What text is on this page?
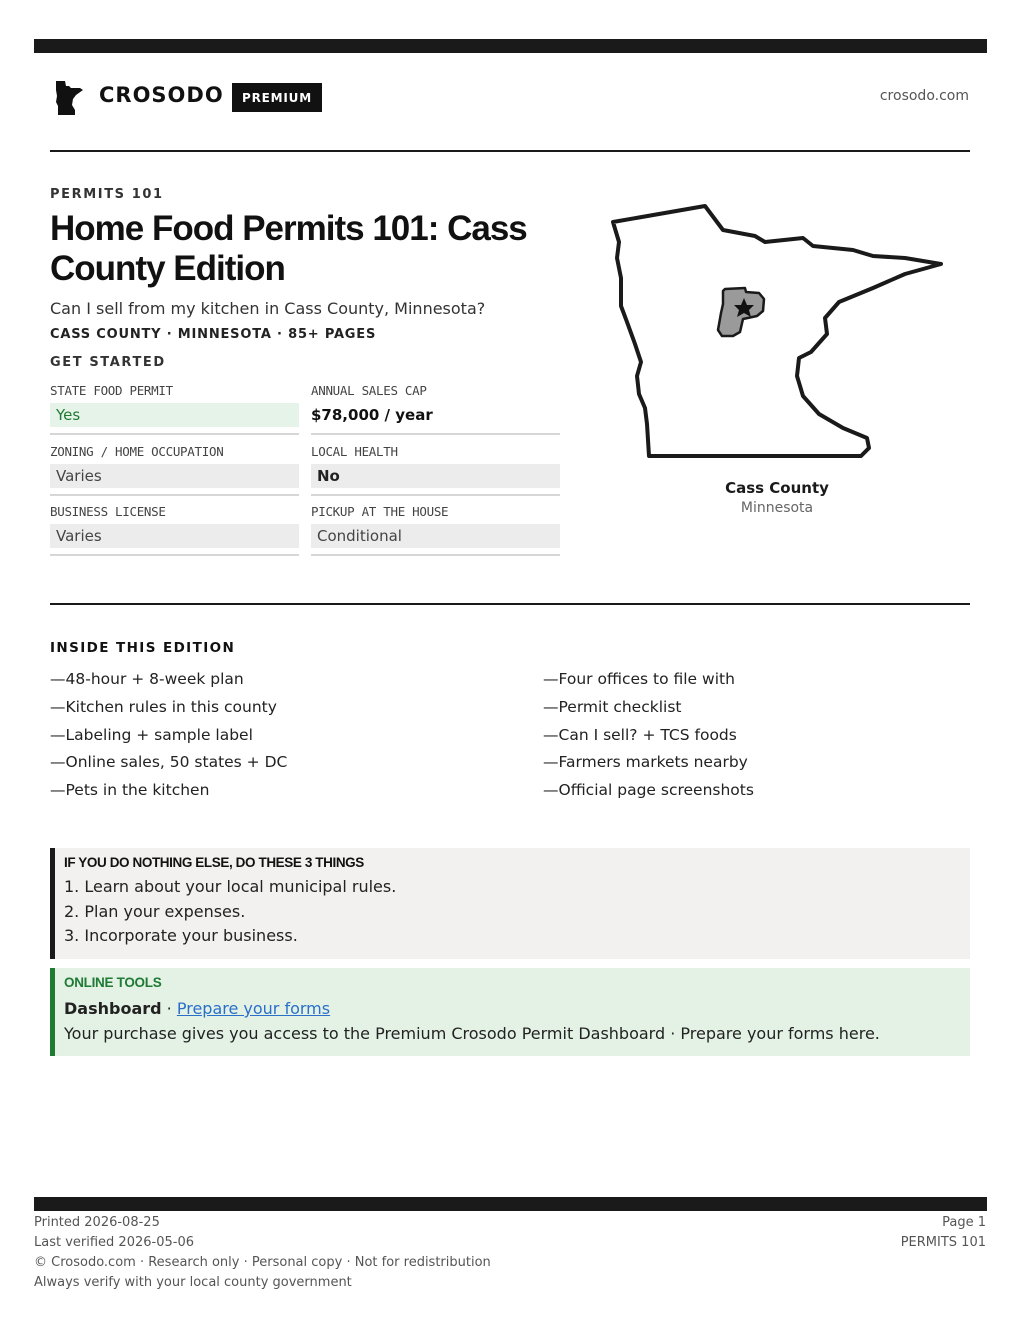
CROSODO	PREMIUM	crosodo.com
PERMITS 101
Home Food Permits 101: Cass County Edition
Can I sell from my kitchen in Cass County, Minnesota?
CASS COUNTY · MINNESOTA · 85+ PAGES
GET STARTED
STATE FOOD PERMIT
Yes
ANNUAL SALES CAP
$78,000 / year
ZONING / HOME OCCUPATION
Varies
LOCAL HEALTH
No
BUSINESS LICENSE
Varies
PICKUP AT THE HOUSE
Conditional
Cass County
Minnesota
INSIDE THIS EDITION
—48-hour + 8-week plan
—Kitchen rules in this county
—Labeling + sample label
—Online sales, 50 states + DC
—Pets in the kitchen
—Four offices to file with
—Permit checklist
—Can I sell? + TCS foods
—Farmers markets nearby
—Official page screenshots
IF YOU DO NOTHING ELSE, DO THESE 3 THINGS
1. Learn about your local municipal rules.
2. Plan your expenses.
3. Incorporate your business.
ONLINE TOOLS
Dashboard · Prepare your forms
Your purchase gives you access to the Premium Crosodo Permit Dashboard · Prepare your forms here.
Printed 2026-08-25
Last verified 2026-05-06
© Crosodo.com · Research only · Personal copy · Not for redistribution
Always verify with your local county government
Page 1
PERMITS 101
